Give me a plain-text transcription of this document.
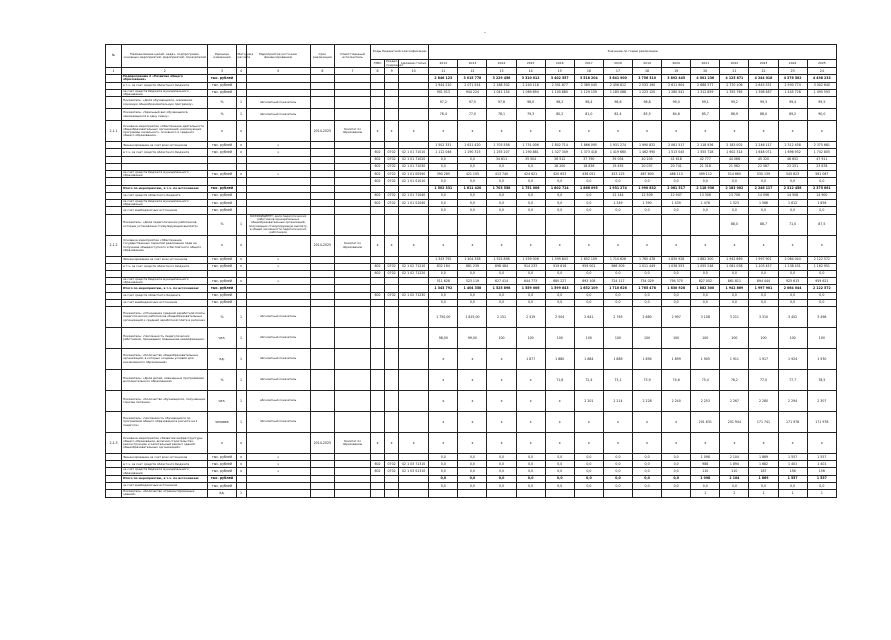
-
№	Наименование целей, задач, подпрограмм, основных мероприятий, мероприятий, показателей	Единица измерения	Методика расчета	Мероприятия (источник финансирования)	Срок реализации	Ответственный исполнитель	Коды бюджетной классификации			Значение по годам реализации													
							ГРБС	Раздел, подраздел	Целевая статья	2012	2013	2014	2015	2016	2017	2018	2019	2020	2021	2022	2023	2024	2025
1	2	3	4	5	6	7	8	9	10	11	12	13	14	15	16	17	18	19	20	21	22	23	24
	Подпрограмма 2 «Развитие общего образования»	тыс. рублей								2 846 123	3 015 778	3 229 456	3 310 012	3 402 557	3 518 204	3 641 900	3 756 310	3 892 445	4 001 236	4 125 871	4 244 018	4 376 502	4 498 233
	в т.ч. за счет средств областного бюджета	тыс. рублей								1 944 210	2 071 554	2 188 302	2 240 118	2 301 677	2 389 045	2 456 812	2 533 190	2 611 904	2 688 377	2 770 106	2 845 531	2 930 774	3 002 640
	за счет средств бюджета муниципального образования	тыс. рублей								901 913	944 224	1 041 154	1 069 894	1 100 880	1 129 159	1 185 088	1 223 120	1 280 541	1 312 859	1 355 765	1 398 487	1 445 728	1 495 593
	Показатель: «Доля обучающихся, освоивших основную общеобразовательную программу»	%	1	абсолютный показатель						97,2	97,5	97,8	98,0	98,2	98,4	98,6	98,8	99,0	99,1	99,2	99,3	99,4	99,5
	Показатель: «Удельный вес обучающихся, занимающихся в одну смену»	%	1	абсолютный показатель						76,4	77,0	78,1	79,3	80,2	81,0	82,4	83,5	84,6	85,7	86,9	88,0	89,2	90,0
2.1.1	Основное мероприятие «Обеспечение деятельности общеобразовательных организаций, реализующих программы начального, основного и среднего общего образования»	х	х		2014-2025	Комитет по образованию	х	х	х	х	х	х	х	х	х	х	х	х	х	х	х	х	х
	Финансирование за счет всех источников	тыс. рублей	х	х						1 502 331	1 611 420	1 703 558	1 751 006	1 802 714	1 866 095	1 931 274	1 990 832	2 061 517	2 118 936	2 183 002	2 246 117	2 312 458	2 375 661
	в т.ч. за счет средств областного бюджета	тыс. рублей	х	х			602	0702	02 1 01 71010	1 112 046	1 190 315	1 255 207	1 290 881	1 327 349	1 373 418	1 419 660	1 462 990	1 513 045	1 555 728	1 602 314	1 648 071	1 696 932	1 742 805
							602	0702	02 1 01 71020	0,0	0,0	34 611	35 504	36 512	37 790	39 034	40 205	41 618	42 777	44 066	45 320	46 652	47 911
							602	0702	02 1 01 71030	0,0	0,0	0,0	0,0	18 200	18 836	19 455	20 037	20 741	21 318	21 962	22 587	23 251	23 878
	за счет средств бюджета муниципального образования	тыс. рублей	х	х			602	0702	02 1 01 00590	390 285	421 105	413 740	424 621	420 653	436 051	453 125	467 600	486 113	499 112	514 660	530 139	545 623	561 067
							602	0702	02 1 01 S1010	0,0	0,0	0,0	0,0	0,0	0,0	0,0	0,0	0,0	0,0	0,0	0,0	0,0	0,0
	Итого по мероприятию, в т.ч. по источникам:	тыс. рублей								1 502 331	1 611 420	1 703 558	1 751 006	1 802 714	1 866 095	1 931 274	1 990 832	2 061 517	2 118 936	2 183 002	2 246 117	2 312 458	2 375 661
	за счет средств областного бюджета	тыс. рублей					602	0702	02 1 01 71040	0,0	0,0	0,0	0,0	0,0	0,0	12 144	12 509	12 947	13 306	13 706	14 096	14 508	14 900
	за счет средств бюджета муниципального образования	тыс. рублей					602	0702	02 1 01 S1040	0,0	0,0	0,0	0,0	0,0	0,0	1 349	1 390	1 439	1 478	1 523	1 566	1 612	1 656
	за счет внебюджетных источников	тыс. рублей								0,0	0,0	0,0	0,0	0,0	0,0	0,0	0,0	0,0	0,0	0,0	0,0	0,0	0,0
	Показатель: «Доля педагогических работников, которым установлена стимулирующая выплата»	%	1	КОЭФФИЦИЕНТ: доля педагогических работников муниципальных общеобразовательных организаций, получающих стимулирующую выплату, в общей численности педагогических работников																88,0	88,7	71,0	87,5
2.1.2	Основное мероприятие «Обеспечение государственных гарантий реализации прав на получение общедоступного и бесплатного общего образования»	х	х		2014-2025	Комитет по образованию	х	х	х	х	х	х	х	х	х	х	х	х	х	х	х	х	х
	Финансирование за счет всех источников	тыс. рублей	х	х						1 343 792	1 404 358	1 525 898	1 559 006	1 599 843	1 652 109	1 710 626	1 765 478	1 830 928	1 882 300	1 942 869	1 997 901	2 064 044	2 122 572
	в т.ч. за счет средств областного бюджета	тыс. рублей	х	х			602	0702	02 1 02 71210	832 164	881 239	898 484	914 233	919 616	959 001	986 509	1 011 449	1 036 553	1 055 248	1 081 058	1 103 457	1 138 431	1 162 951
							602	0702	02 1 02 71220	0,0	0,0	0,0	0,0	0,0	0,0	0,0	0,0	0,0	0,0	0,0	0,0	0,0	0,0
	за счет средств бюджета муниципального образования	тыс. рублей	х	х						511 628	523 119	627 414	644 773	680 227	693 108	724 117	754 029	794 375	827 052	861 811	894 444	925 613	959 621
	Итого по мероприятию, в т.ч. по источникам:	тыс. рублей								1 343 792	1 404 358	1 525 898	1 559 006	1 599 843	1 652 109	1 710 626	1 765 478	1 830 928	1 882 300	1 942 869	1 997 901	2 064 044	2 122 572
	за счет средств областного бюджета	тыс. рублей					602	0702	02 1 02 71230	0,0	0,0	0,0	0,0	0,0	0,0	0,0	0,0	0,0	0,0	0,0	0,0	0,0	0,0
	за счет внебюджетных источников	тыс. рублей								0,0	0,0	0,0	0,0	0,0	0,0	0,0	0,0	0,0	0,0	0,0	0,0	0,0	0,0
	Показатель: «Отношение средней заработной платы педагогических работников общеобразовательных организаций к средней заработной плате в регионе»	%	1	абсолютный показатель						1 750,00	1 815,00	2 151	2 419	2 504	2 641	2 763	2 880	2 997	3 108	3 211	3 310	3 402	3 498
	Показатель: «Численность педагогических работников, прошедших повышение квалификации»	чел.	1	абсолютный показатель						98,00	99,00	100	100	100	100	100	100	100	100	100	100	100	100
	Показатель: «Количество общеобразовательных организаций, в которых созданы условия для инклюзивного образования»	ед.	1	абсолютный показатель						х	х	х	1 877	1 880	1 884	1 889	1 894	1 899	1 905	1 911	1 917	1 924	1 930
	Показатель: «Доля детей, охваченных программами дополнительного образования»	%	1	абсолютный показатель						х	х	х	х	71,6	72,4	73,1	73,9	74,6	75,4	76,2	77,0	77,7	78,5
	Показатель: «Количество обучающихся, получающих горячее питание»	чел.	1	абсолютный показатель						х	х	х	х	х	2 201	2 214	2 228	2 240	2 253	2 267	2 280	2 294	2 307
	Показатель: «Численность обучающихся по программам общего образования в расчете на 1 педагога»	человек	1	абсолютный показатель						х	х	х	х	х	х	х	х	х	201 631	201 944	171 741	171 978	171 978
2.1.3	Основное мероприятие «Развитие инфраструктуры общего образования, включая строительство, реконструкцию и капитальный ремонт зданий общеобразовательных организаций»	х	х		2014-2025	Комитет по образованию	х	х	х	х	х	х	х	х	х	х	х	х	х	х	х	х	х
	Финансирование за счет всех источников	тыс. рублей	х	х						0,0	0,0	0,0	0,0	0,0	0,0	0,0	0,0	0,0	1 098	2 104	1 869	1 557	1 557
	в т.ч. за счет средств областного бюджета	тыс. рублей	х	х			602	0702	02 1 03 71310	0,0	0,0	0,0	0,0	0,0	0,0	0,0	0,0	0,0	988	1 894	1 682	1 401	1 401
	за счет средств бюджета муниципального образования	тыс. рублей	х	х			602	0702	02 1 03 S1310	0,0	0,0	0,0	0,0	0,0	0,0	0,0	0,0	0,0	110	210	187	156	156
	Итого по мероприятию, в т.ч. по источникам:	тыс. рублей								0,0	0,0	0,0	0,0	0,0	0,0	0,0	0,0	0,0	1 098	2 104	1 869	1 557	1 557
	за счет внебюджетных источников	тыс. рублей								0,0	0,0	0,0	0,0	0,0	0,0	0,0	0,0	0,0	0,0	0,0	0,0	0,0	0,0
	Показатель: «Количество отремонтированных зданий»	ед.	1																1	2	1	1	1
